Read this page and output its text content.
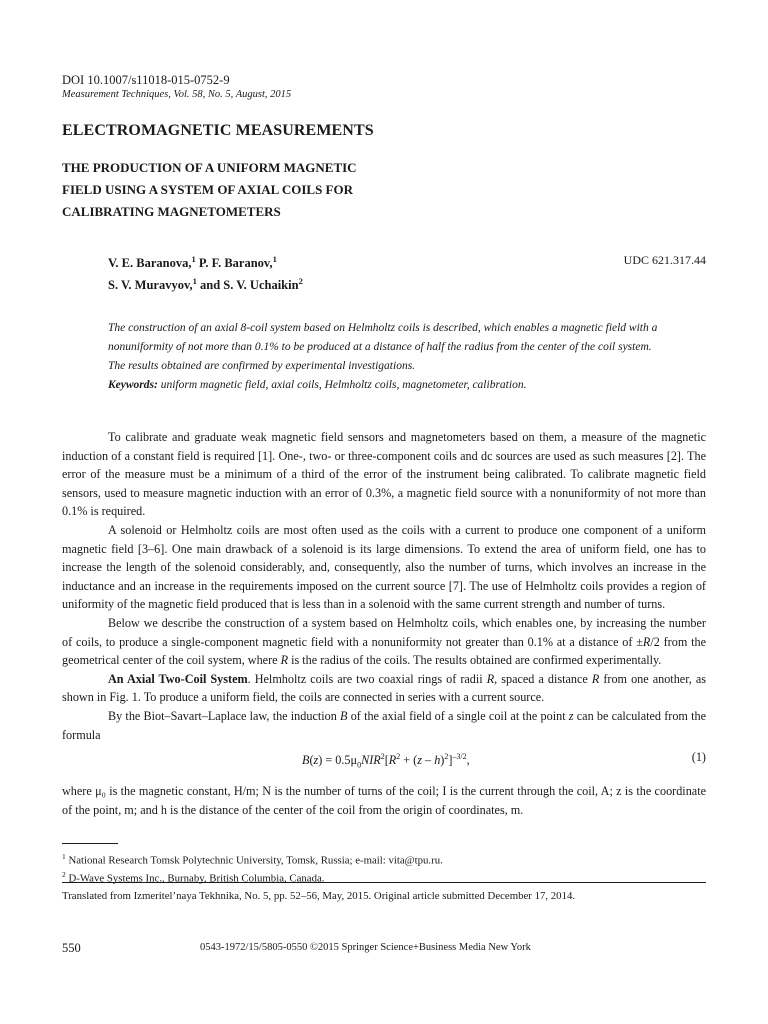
DOI 10.1007/s11018-015-0752-9
Measurement Techniques, Vol. 58, No. 5, August, 2015
ELECTROMAGNETIC MEASUREMENTS
THE PRODUCTION OF A UNIFORM MAGNETIC
FIELD USING A SYSTEM OF AXIAL COILS FOR
CALIBRATING MAGNETOMETERS
V. E. Baranova,$^1$ P. F. Baranov,$^1$
S. V. Muravyov,$^1$ and S. V. Uchaikin$^2$
UDC 621.317.44
The construction of an axial 8-coil system based on Helmholtz coils is described, which enables a magnetic field with a nonuniformity of not more than 0.1% to be produced at a distance of half the radius from the center of the coil system. The results obtained are confirmed by experimental investigations.
Keywords: uniform magnetic field, axial coils, Helmholtz coils, magnetometer, calibration.

To calibrate and graduate weak magnetic field sensors and magnetometers based on them, a measure of the magnetic induction of a constant field is required [1]. One-, two- or three-component coils and dc sources are used as such measures [2]. The error of the measure must be a minimum of a third of the error of the instrument being calibrated. To calibrate magnetic field sensors, used to measure magnetic induction with an error of 0.3%, a magnetic field source with a nonuniformity of not more than 0.1% is required.

A solenoid or Helmholtz coils are most often used as the coils with a current to produce one component of a uniform magnetic field [3–6]. One main drawback of a solenoid is its large dimensions. To extend the area of uniform field, one has to increase the length of the solenoid considerably, and, consequently, also the number of turns, which involves an increase in the inductance and an increase in the requirements imposed on the current source [7]. The use of Helmholtz coils provides a region of uniformity of the magnetic field produced that is less than in a solenoid with the same current strength and number of turns.

Below we describe the construction of a system based on Helmholtz coils, which enables one, by increasing the number of coils, to produce a single-component magnetic field with a nonuniformity not greater than 0.1% at a distance of ±R/2 from the geometrical center of the coil system, where R is the radius of the coils. The results obtained are confirmed experimentally.

An Axial Two-Coil System. Helmholtz coils are two coaxial rings of radii R, spaced a distance R from one another, as shown in Fig. 1. To produce a uniform field, the coils are connected in series with a current source.

By the Biot–Savart–Laplace law, the induction B of the axial field of a single coil at the point z can be calculated from the formula

$B(z) = 0.5\mu_0NIR^2[R^2 + (z - h)^2]^{-3/2}$,	(1)

where μ₀ is the magnetic constant, H/m; N is the number of turns of the coil; I is the current through the coil, A; z is the coordinate of the point, m; and h is the distance of the center of the coil from the origin of coordinates, m.

$^1$ National Research Tomsk Polytechnic University, Tomsk, Russia; e-mail: vita@tpu.ru.
$^2$ D-Wave Systems Inc., Burnaby, British Columbia, Canada.
Translated from Izmeritel’naya Tekhnika, No. 5, pp. 52–56, May, 2015. Original article submitted December 17, 2014.
550	0543-1972/15/5805-0550 ©2015 Springer Science+Business Media New York
